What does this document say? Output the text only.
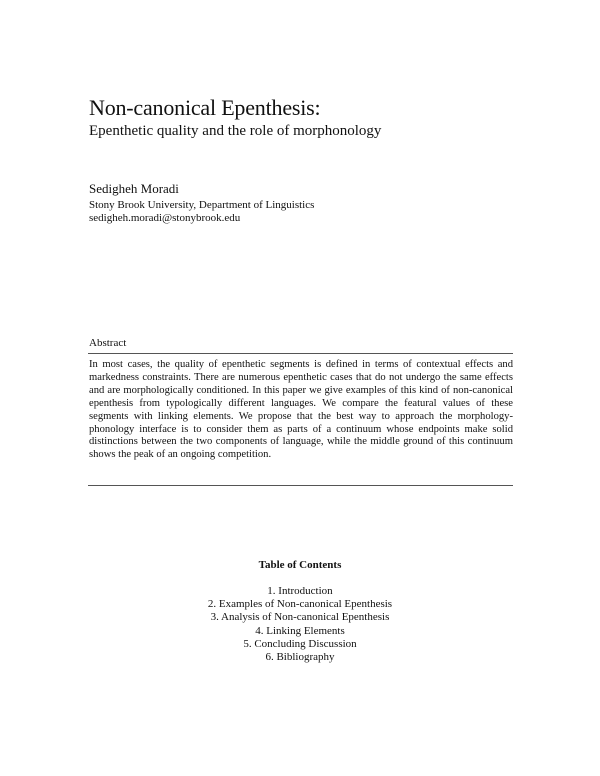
Non-canonical Epenthesis:
Epenthetic quality and the role of morphonology
Sedigheh Moradi
Stony Brook University, Department of Linguistics
sedigheh.moradi@stonybrook.edu
Abstract

In most cases, the quality of epenthetic segments is defined in terms of contextual effects and markedness constraints. There are numerous epenthetic cases that do not undergo the same effects and are morphologically conditioned. In this paper we give examples of this kind of non-canonical epenthesis from typologically different languages. We compare the featural values of these segments with linking elements. We propose that the best way to approach the morphology-phonology interface is to consider them as parts of a continuum whose endpoints make solid distinctions between the two components of language, while the middle ground of this continuum shows the peak of an ongoing competition.

Table of Contents
1. Introduction
2. Examples of Non-canonical Epenthesis
3. Analysis of Non-canonical Epenthesis
4. Linking Elements
5. Concluding Discussion
6. Bibliography
